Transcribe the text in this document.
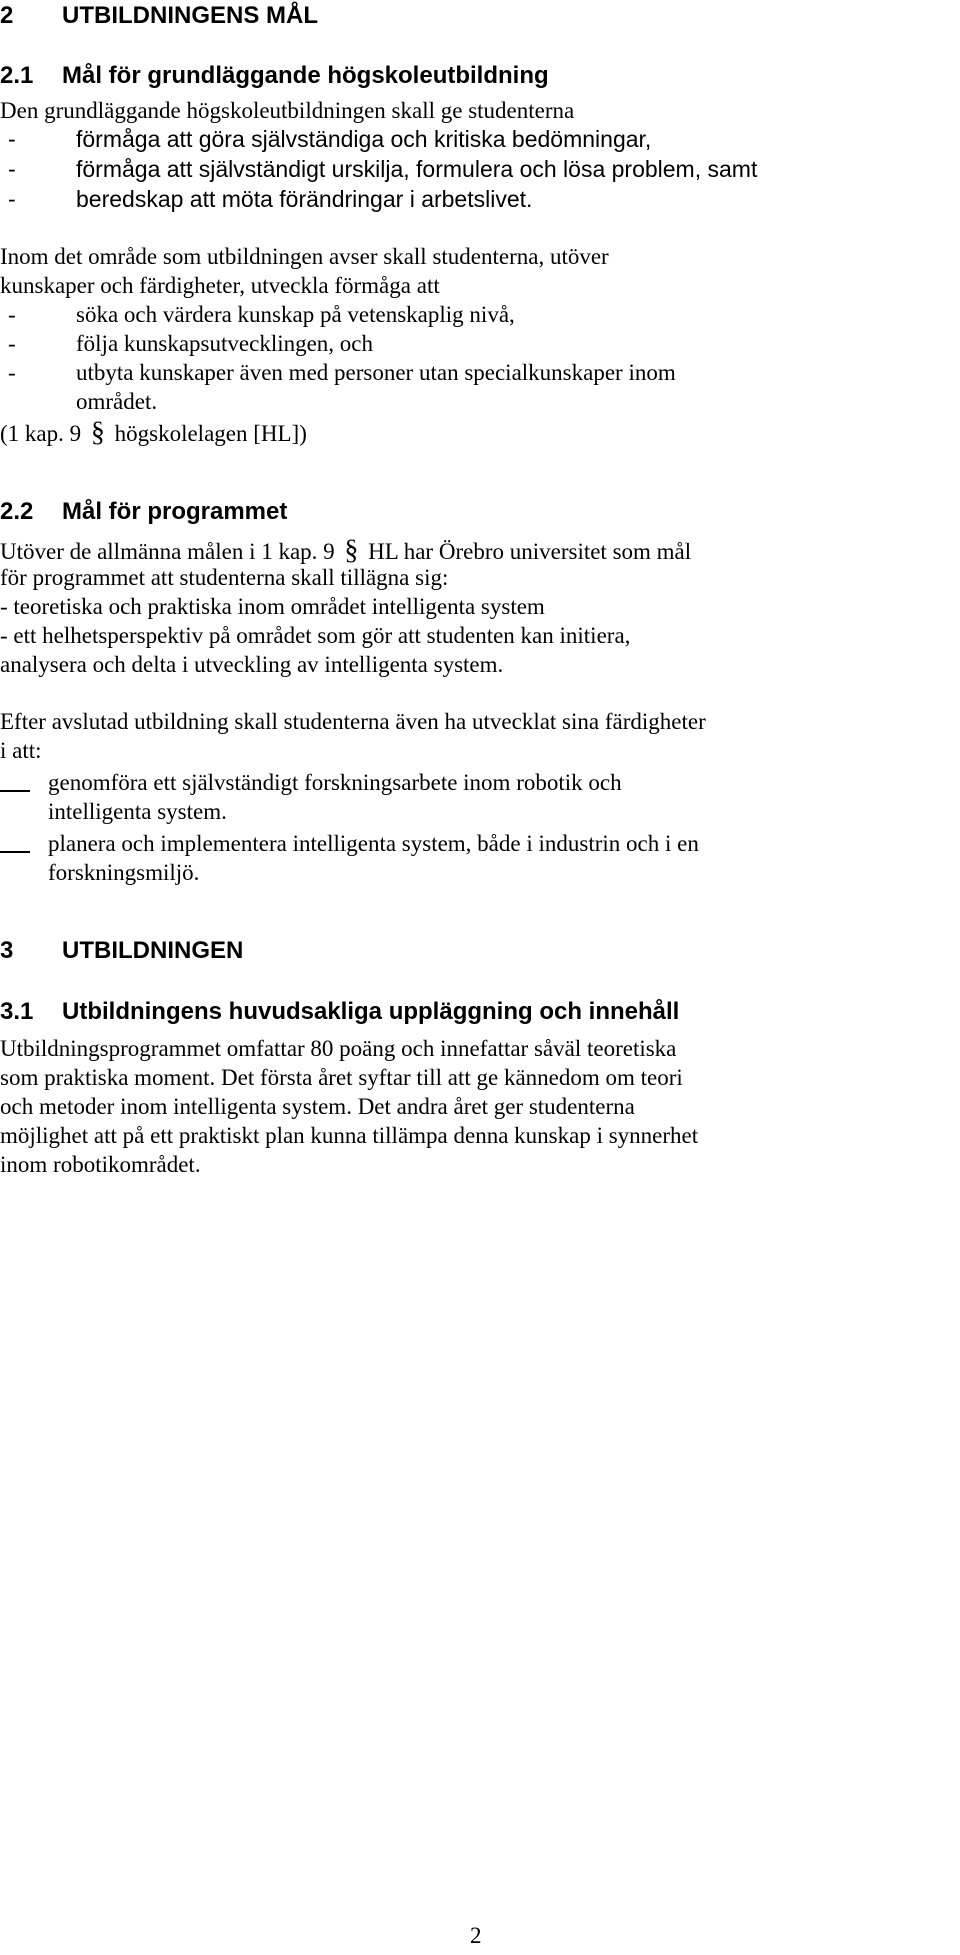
2 UTBILDNINGENS MÅL
2.1 Mål för grundläggande högskoleutbildning
Den grundläggande högskoleutbildningen skall ge studenterna
-	förmåga att göra självständiga och kritiska bedömningar,
-	förmåga att självständigt urskilja, formulera och lösa problem, samt
-	beredskap att möta förändringar i arbetslivet.
Inom det område som utbildningen avser skall studenterna, utöver
kunskaper och färdigheter, utveckla förmåga att
-	söka och värdera kunskap på vetenskaplig nivå,
-	följa kunskapsutvecklingen, och
-	utbyta kunskaper även med personer utan specialkunskaper inom
området.
(1 kap. 9 § högskolelagen [HL])
2.2 Mål för programmet
Utöver de allmänna målen i 1 kap. 9 § HL har Örebro universitet som mål
för programmet att studenterna skall tillägna sig:
- teoretiska och praktiska inom området intelligenta system
- ett helhetsperspektiv på området som gör att studenten kan initiera,
analysera och delta i utveckling av intelligenta system.
Efter avslutad utbildning skall studenterna även ha utvecklat sina färdigheter
i att:
genomföra ett självständigt forskningsarbete inom robotik och
intelligenta system.
planera och implementera intelligenta system, både i industrin och i en
forskningsmiljö.
3 UTBILDNINGEN
3.1 Utbildningens huvudsakliga uppläggning och innehåll
Utbildningsprogrammet omfattar 80 poäng och innefattar såväl teoretiska
som praktiska moment. Det första året syftar till att ge kännedom om teori
och metoder inom intelligenta system. Det andra året ger studenterna
möjlighet att på ett praktiskt plan kunna tillämpa denna kunskap i synnerhet
inom robotikområdet.
2
